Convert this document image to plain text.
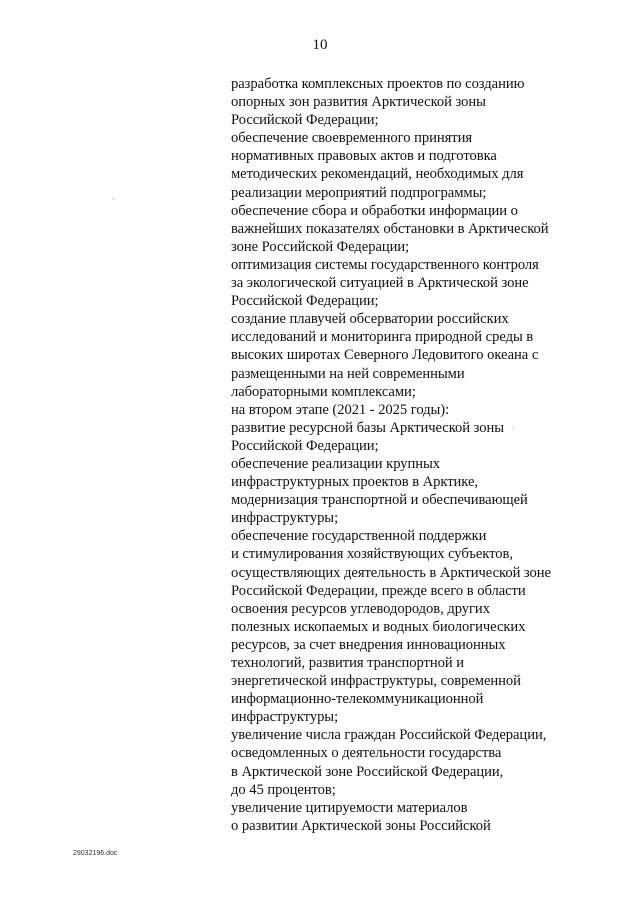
10
разработка комплексных проектов по созданию
опорных зон развития Арктической зоны
Российской Федерации;
обеспечение своевременного принятия
нормативных правовых актов и подготовка
методических рекомендаций, необходимых для
реализации мероприятий подпрограммы;
обеспечение сбора и обработки информации о
важнейших показателях обстановки в Арктической
зоне Российской Федерации;
оптимизация системы государственного контроля
за экологической ситуацией в Арктической зоне
Российской Федерации;
создание плавучей обсерватории российских
исследований и мониторинга природной среды в
высоких широтах Северного Ледовитого океана с
размещенными на ней современными
лабораторными комплексами;
на втором этапе (2021 - 2025 годы):
развитие ресурсной базы Арктической зоны
Российской Федерации;
обеспечение реализации крупных
инфраструктурных проектов в Арктике,
модернизация транспортной и обеспечивающей
инфраструктуры;
обеспечение государственной поддержки
и стимулирования хозяйствующих субъектов,
осуществляющих деятельность в Арктической зоне
Российской Федерации, прежде всего в области
освоения ресурсов углеводородов, других
полезных ископаемых и водных биологических
ресурсов, за счет внедрения инновационных
технологий, развития транспортной и
энергетической инфраструктуры, современной
информационно-телекоммуникационной
инфраструктуры;
увеличение числа граждан Российской Федерации,
осведомленных о деятельности государства
в Арктической зоне Российской Федерации,
до 45 процентов;
увеличение цитируемости материалов
о развитии Арктической зоны Российской
29032196.doc
